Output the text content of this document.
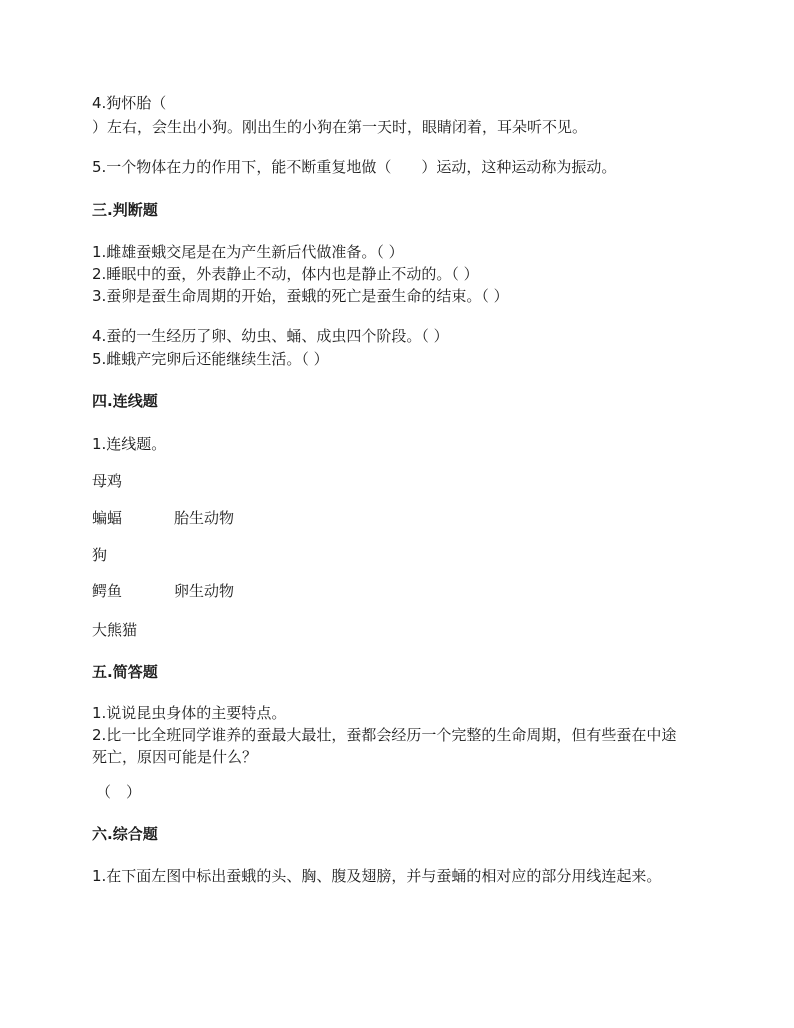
4.狗怀胎（
）左右，会生出小狗。刚出生的小狗在第一天时，眼睛闭着，耳朵听不见。
5.一个物体在力的作用下，能不断重复地做（　　）运动，这种运动称为振动。
三.判断题
1.雌雄蚕蛾交尾是在为产生新后代做准备。（ ）
2.睡眠中的蚕，外表静止不动，体内也是静止不动的。（ ）
3.蚕卵是蚕生命周期的开始，蚕蛾的死亡是蚕生命的结束。（ ）
4.蚕的一生经历了卵、幼虫、蛹、成虫四个阶段。（ ）
5.雌蛾产完卵后还能继续生活。（ ）
四.连线题
1.连线题。
母鸡
蝙蝠	胎生动物
狗
鳄鱼	卵生动物
大熊猫
五.简答题
1.说说昆虫身体的主要特点。
2.比一比全班同学谁养的蚕最大最壮，蚕都会经历一个完整的生命周期，但有些蚕在中途
死亡，原因可能是什么？
（　）
六.综合题
1.在下面左图中标出蚕蛾的头、胸、腹及翅膀，并与蚕蛹的相对应的部分用线连起来。
